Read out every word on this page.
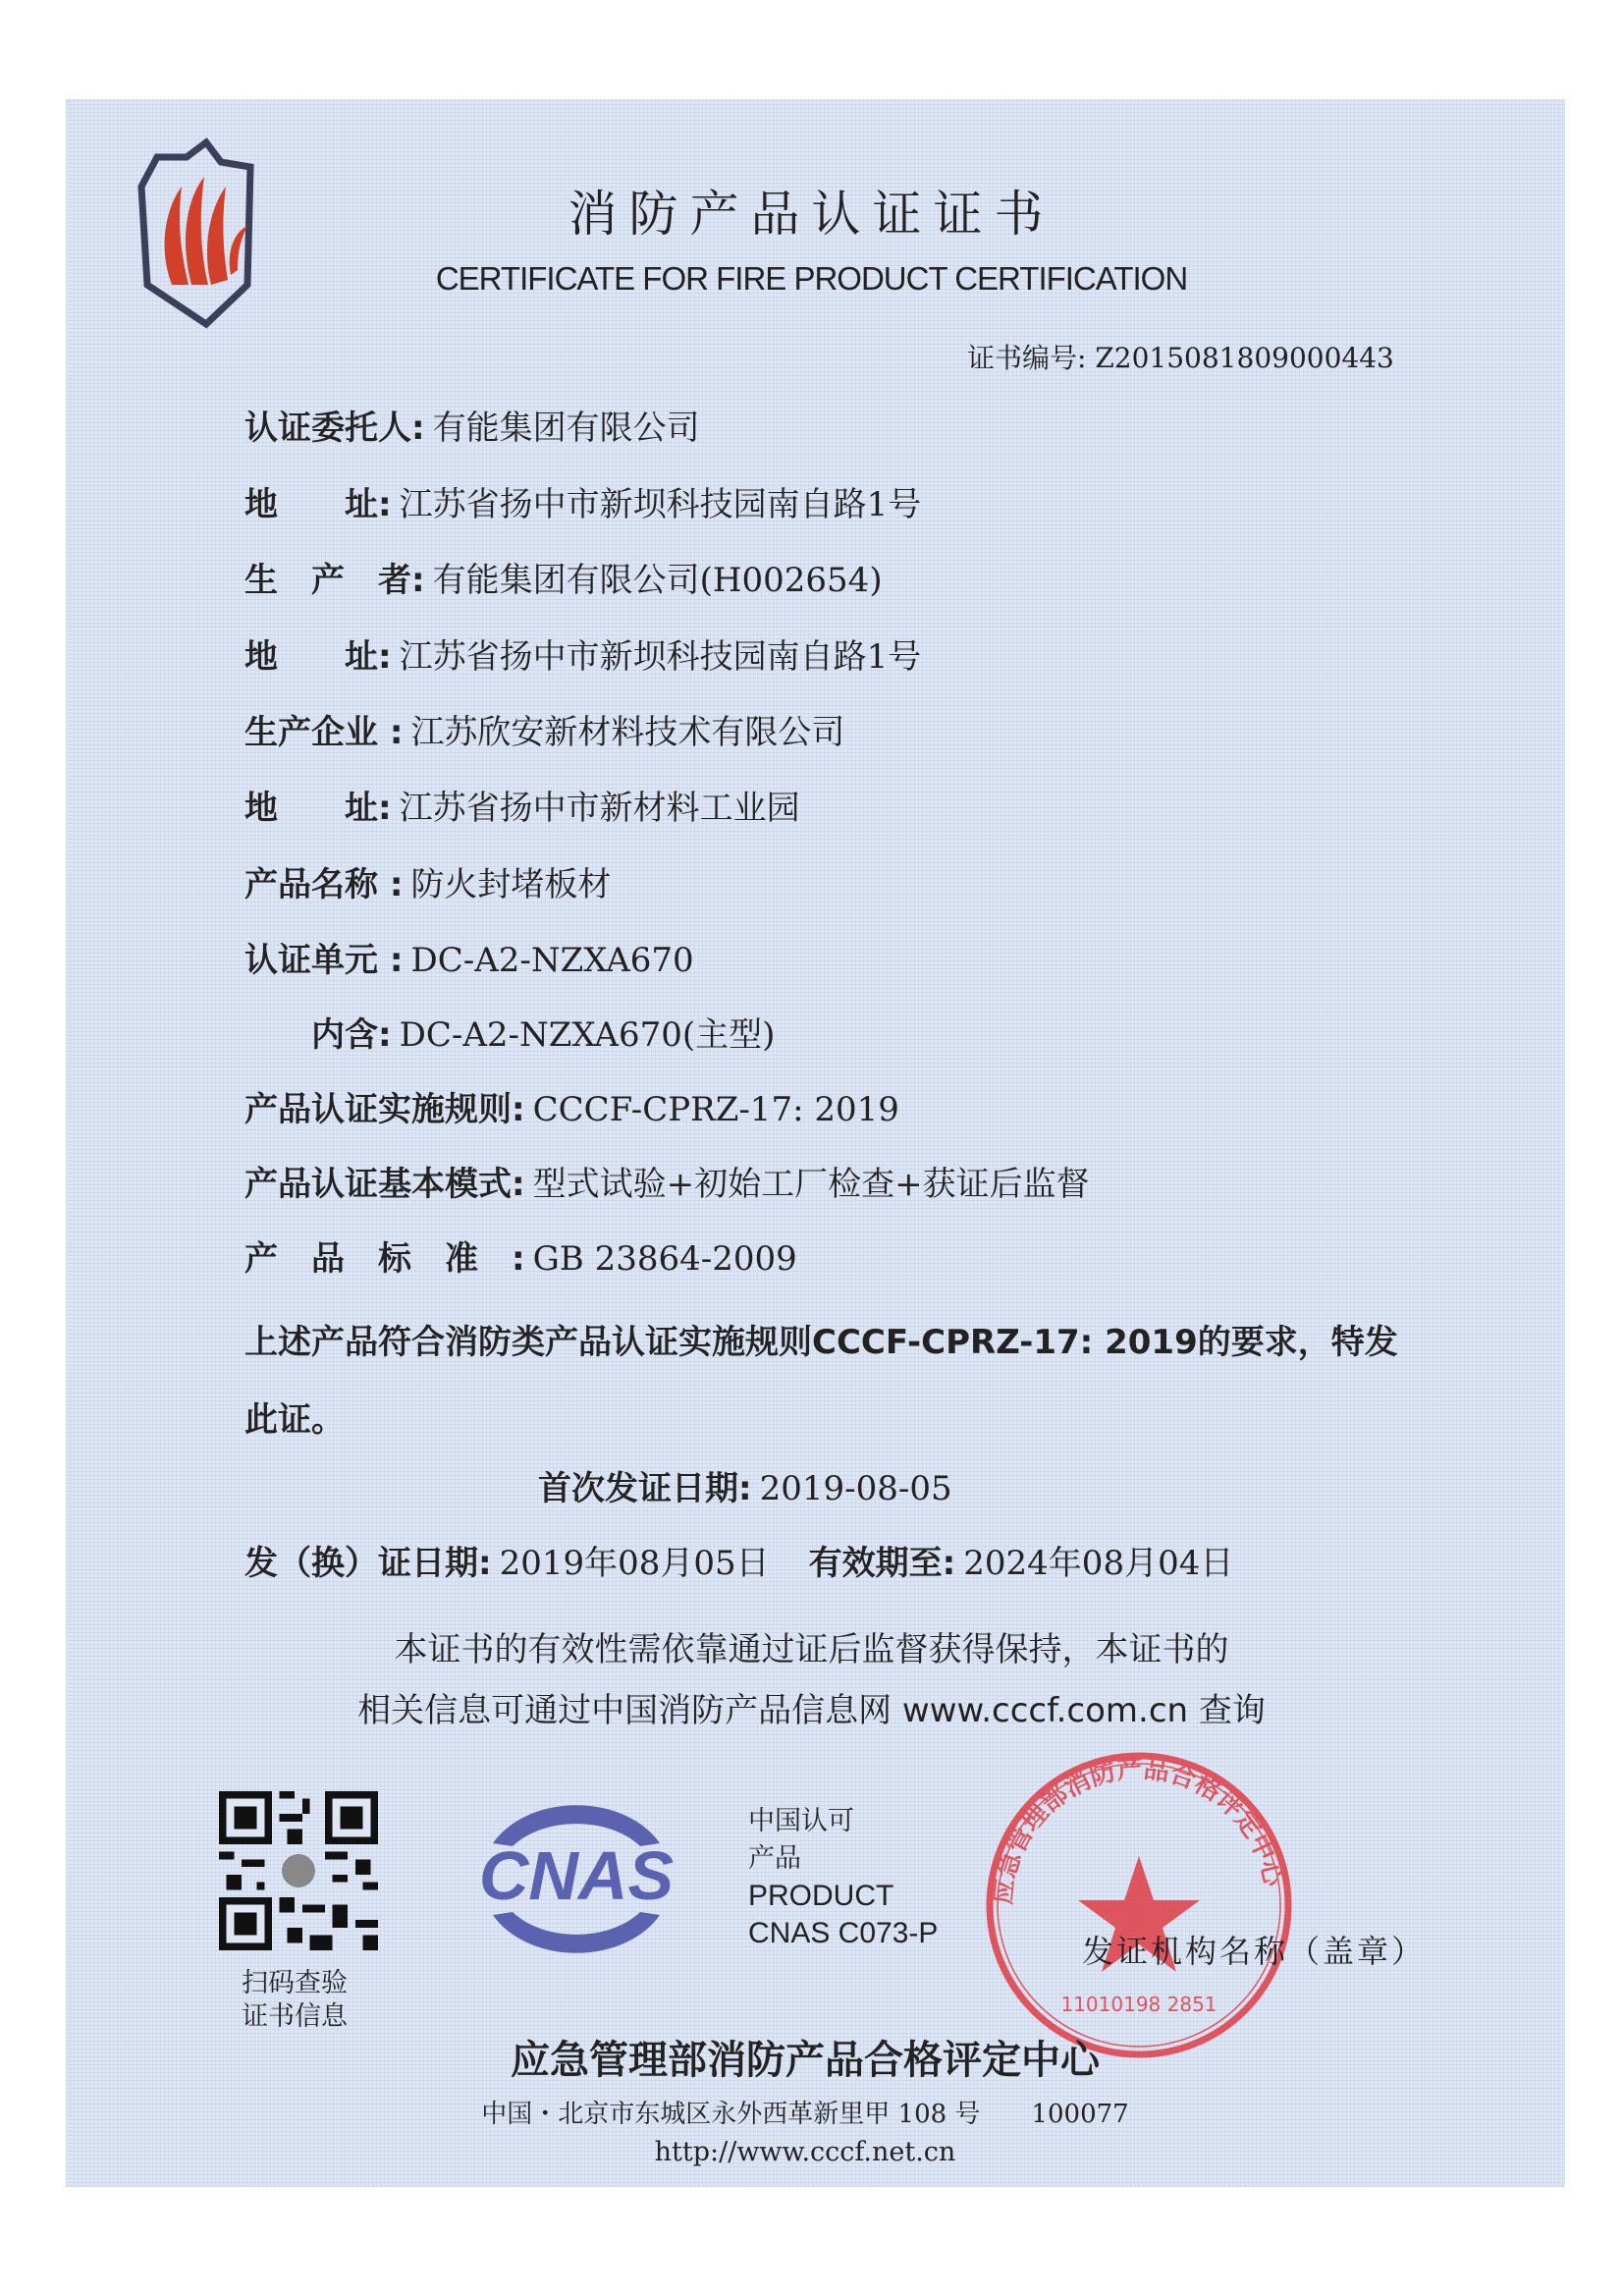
消防产品认证证书
CERTIFICATE FOR FIRE PRODUCT CERTIFICATION
证书编号: Z2015081809000443
认证委托人: 有能集团有限公司
地　　址: 江苏省扬中市新坝科技园南自路1号
生　产　者: 有能集团有限公司(H002654)
地　　址: 江苏省扬中市新坝科技园南自路1号
生产企业 : 江苏欣安新材料技术有限公司
地　　址: 江苏省扬中市新材料工业园
产品名称 : 防火封堵板材
认证单元 : DC-A2-NZXA670
　　内含: DC-A2-NZXA670(主型)
产品认证实施规则: CCCF-CPRZ-17: 2019
产品认证基本模式: 型式试验+初始工厂检查+获证后监督
产　品　标　准　: GB 23864-2009
上述产品符合消防类产品认证实施规则CCCF-CPRZ-17: 2019的要求，特发
此证。
首次发证日期: 2019-08-05
发（换）证日期: 2019年08月05日 有效期至: 2024年08月04日
本证书的有效性需依靠通过证后监督获得保持，本证书的
相关信息可通过中国消防产品信息网 www.cccf.com.cn 查询
扫码查验
证书信息
CNAS
中国认可
产品
PRODUCT
CNAS C073-P
应急管理部消防产品合格评定中心
11010198 2851
发证机构名称（盖章）
应急管理部消防产品合格评定中心
中国・北京市东城区永外西革新里甲 108 号　　100077
http://www.cccf.net.cn
